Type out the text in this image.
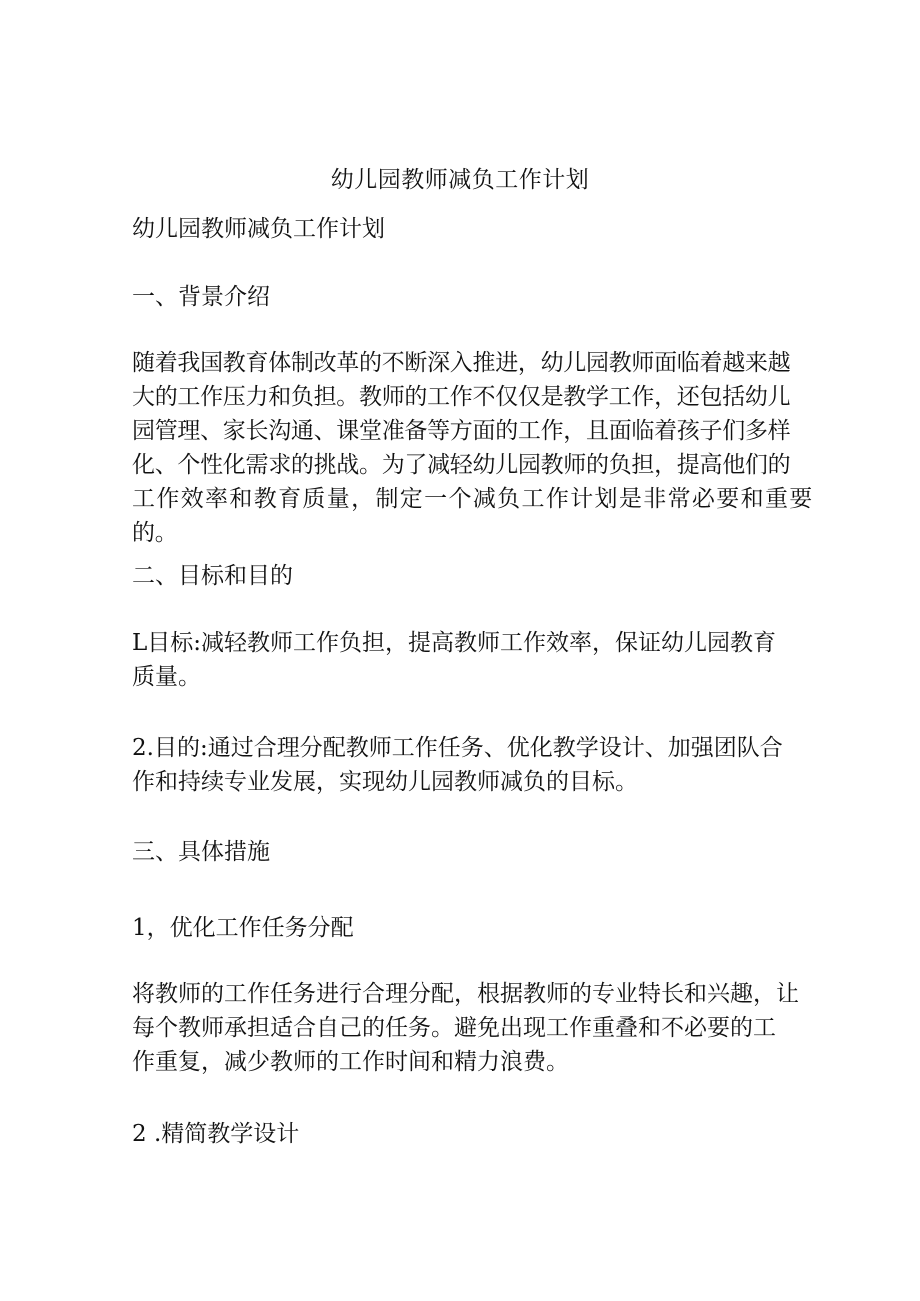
幼儿园教师减负工作计划

幼儿园教师减负工作计划

一、背景介绍

随着我国教育体制改革的不断深入推进，幼儿园教师面临着越来越
大的工作压力和负担。教师的工作不仅仅是教学工作，还包括幼儿
园管理、家长沟通、课堂准备等方面的工作，且面临着孩子们多样
化、个性化需求的挑战。为了减轻幼儿园教师的负担，提高他们的
工作效率和教育质量，制定一个减负工作计划是非常必要和重要的。

二、目标和目的

L目标:减轻教师工作负担，提高教师工作效率，保证幼儿园教育
质量。

2.目的:通过合理分配教师工作任务、优化教学设计、加强团队合
作和持续专业发展，实现幼儿园教师减负的目标。

三、具体措施

1，优化工作任务分配

将教师的工作任务进行合理分配，根据教师的专业特长和兴趣，让
每个教师承担适合自己的任务。避免出现工作重叠和不必要的工
作重复，减少教师的工作时间和精力浪费。

2 .精简教学设计
